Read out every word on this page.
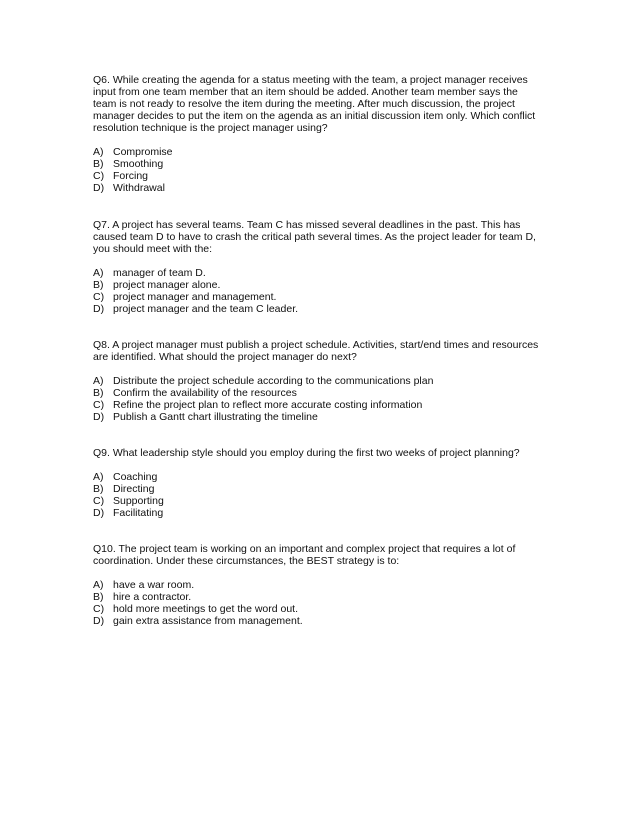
Q6. While creating the agenda for a status meeting with the team, a project manager receives
input from one team member that an item should be added. Another team member says the
team is not ready to resolve the item during the meeting. After much discussion, the project
manager decides to put the item on the agenda as an initial discussion item only. Which conflict
resolution technique is the project manager using?
A) Compromise
B) Smoothing
C) Forcing
D) Withdrawal
Q7. A project has several teams. Team C has missed several deadlines in the past. This has
caused team D to have to crash the critical path several times. As the project leader for team D,
you should meet with the:
A) manager of team D.
B) project manager alone.
C) project manager and management.
D) project manager and the team C leader.
Q8. A project manager must publish a project schedule. Activities, start/end times and resources
are identified. What should the project manager do next?
A) Distribute the project schedule according to the communications plan
B) Confirm the availability of the resources
C) Refine the project plan to reflect more accurate costing information
D) Publish a Gantt chart illustrating the timeline
Q9. What leadership style should you employ during the first two weeks of project planning?
A) Coaching
B) Directing
C) Supporting
D) Facilitating
Q10. The project team is working on an important and complex project that requires a lot of
coordination. Under these circumstances, the BEST strategy is to:
A) have a war room.
B) hire a contractor.
C) hold more meetings to get the word out.
D) gain extra assistance from management.
